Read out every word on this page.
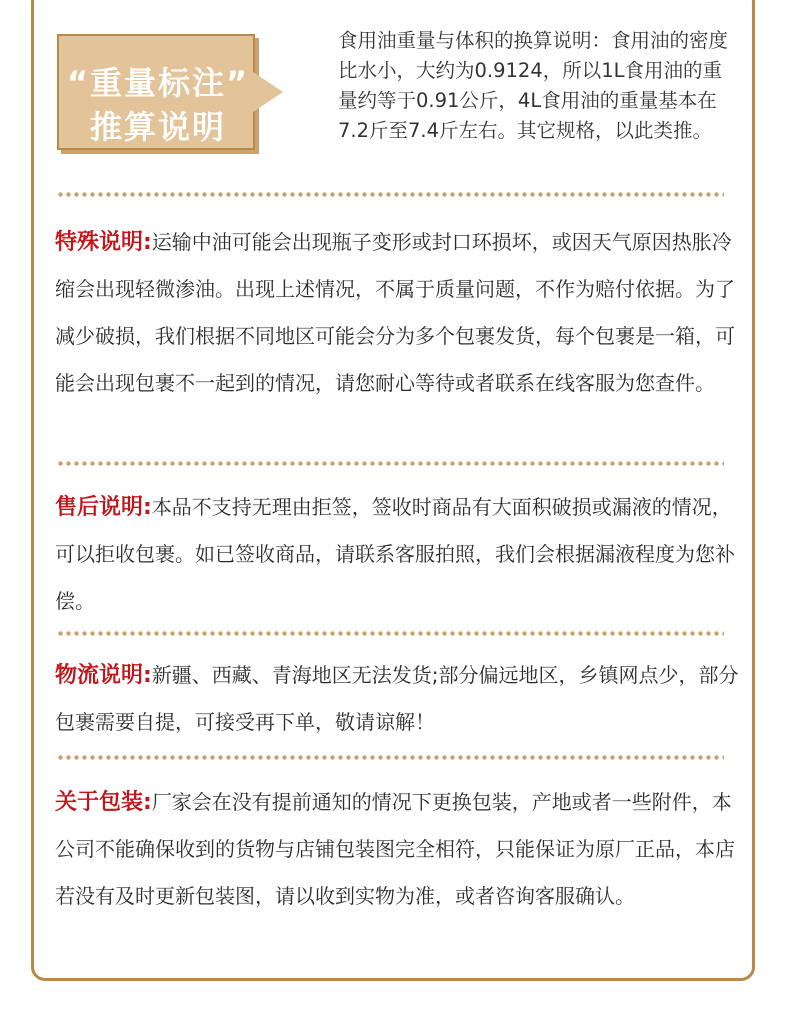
“重量标注”
推算说明
食用油重量与体积的换算说明：食用油的密度比水小，大约为0.9124，所以1L食用油的重量约等于0.91公斤，4L食用油的重量基本在7.2斤至7.4斤左右。其它规格，以此类推。
特殊说明:运输中油可能会出现瓶子变形或封口环损坏，或因天气原因热胀冷缩会出现轻微渗油。出现上述情况，不属于质量问题，不作为赔付依据。为了减少破损，我们根据不同地区可能会分为多个包裹发货，每个包裹是一箱，可能会出现包裹不一起到的情况，请您耐心等待或者联系在线客服为您查件。
售后说明:本品不支持无理由拒签，签收时商品有大面积破损或漏液的情况，可以拒收包裹。如已签收商品，请联系客服拍照，我们会根据漏液程度为您补偿。
物流说明:新疆、西藏、青海地区无法发货;部分偏远地区，乡镇网点少，部分包裹需要自提，可接受再下单，敬请谅解！
关于包装:厂家会在没有提前通知的情况下更换包装，产地或者一些附件，本公司不能确保收到的货物与店铺包装图完全相符，只能保证为原厂正品，本店若没有及时更新包装图，请以收到实物为准，或者咨询客服确认。
